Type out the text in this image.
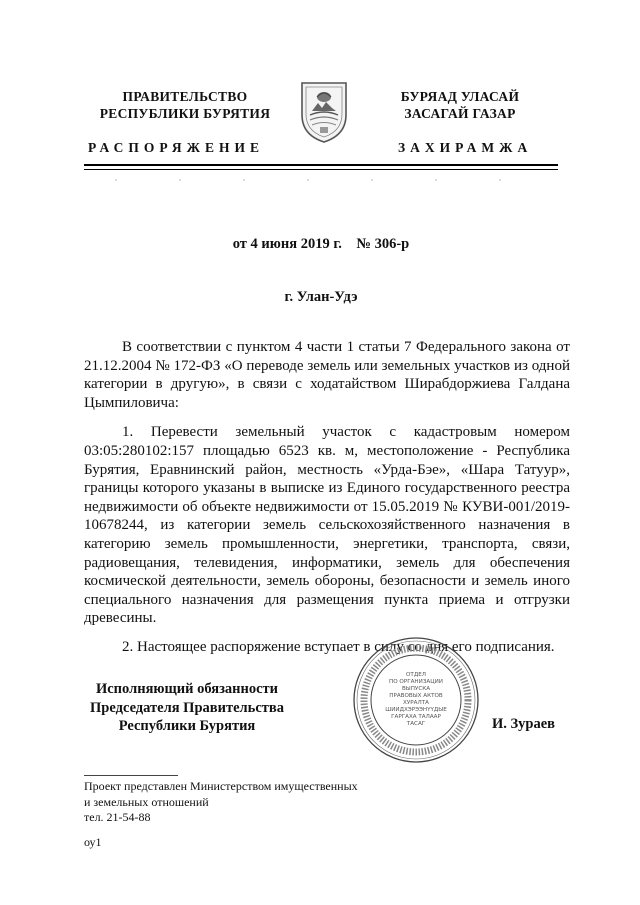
ПРАВИТЕЛЬСТВО
РЕСПУБЛИКИ БУРЯТИЯ
БУРЯАД УЛАСАЙ
ЗАСАГАЙ ГАЗАР
РАСПОРЯЖЕНИЕ	ЗАХИРАМЖА
от 4 июня 2019 г.    № 306-р
г. Улан-Удэ

В соответствии с пунктом 4 части 1 статьи 7 Федерального закона от 21.12.2004 № 172-ФЗ «О переводе земель или земельных участков из одной категории в другую», в связи с ходатайством Ширабдоржиева Галдана Цымпиловича:

1. Перевести земельный участок с кадастровым номером 03:05:280102:157 площадью 6523 кв. м, местоположение - Республика Бурятия, Еравнинский район, местность «Урда-Бэе», «Шара Татуур», границы которого указаны в выписке из Единого государственного реестра недвижимости об объекте недвижимости от 15.05.2019 № КУВИ-001/2019-10678244, из категории земель сельскохозяйственного назначения в категорию земель промышленности, энергетики, транспорта, связи, радиовещания, телевидения, информатики, земель для обеспечения космической деятельности, земель обороны, безопасности и земель иного специального назначения для размещения пункта приема и отгрузки древесины.

2. Настоящее распоряжение вступает в силу со дня его подписания.

Исполняющий обязанности
Председателя Правительства
Республики Бурятия	И. Зураев
ОТДЕЛ
ПО ОРГАНИЗАЦИИ
ВЫПУСКА
ПРАВОВЫХ АКТОВ
ХУРАЛТА
ШИИДХЭРЭЭНҮҮДЫЕ
ГАРГАХА ТАЛААР
ТАСАГ
Проект представлен Министерством имущественных
и земельных отношений
тел. 21-54-88
оу1
